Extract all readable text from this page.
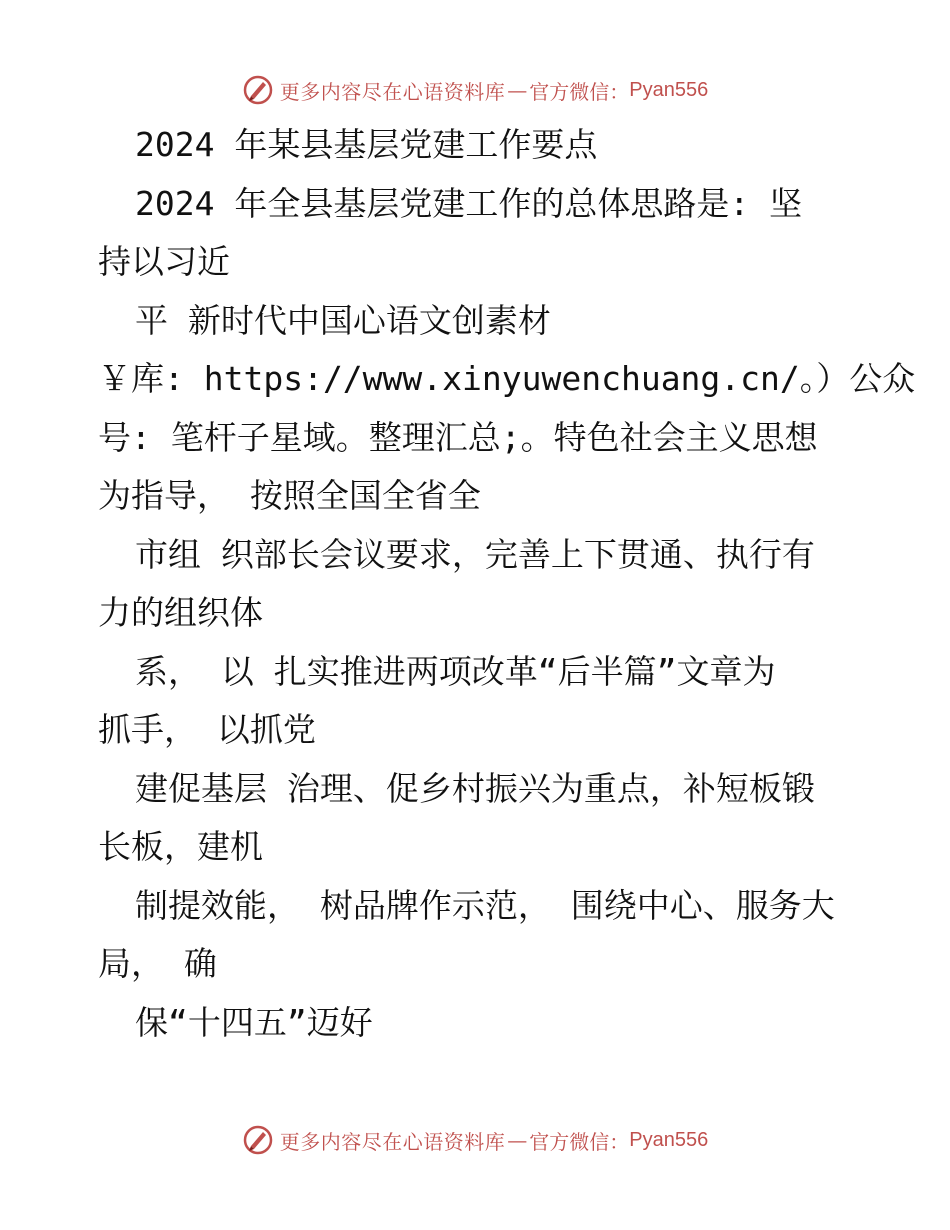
更多内容尽在心语资料库 — 官方微信： Pyan556

2024 年某县基层党建工作要点

2024 年全县基层党建工作的总体思路是: 坚

持以习近

平 新时代中国心语文创素材

￥库: https://www.xinyuwenchuang.cn/。）公众

号: 笔杆子星域。整理汇总;。特色社会主义思想

为指导， 按照全国全省全

市组 织部长会议要求，完善上下贯通、执行有

力的组织体

系， 以 扎实推进两项改革“后半篇”文章为

抓手， 以抓党

建促基层 治理、促乡村振兴为重点，补短板锻

长板，建机

制提效能， 树品牌作示范， 围绕中心、服务大

局， 确

保“十四五”迈好

更多内容尽在心语资料库 — 官方微信： Pyan556
